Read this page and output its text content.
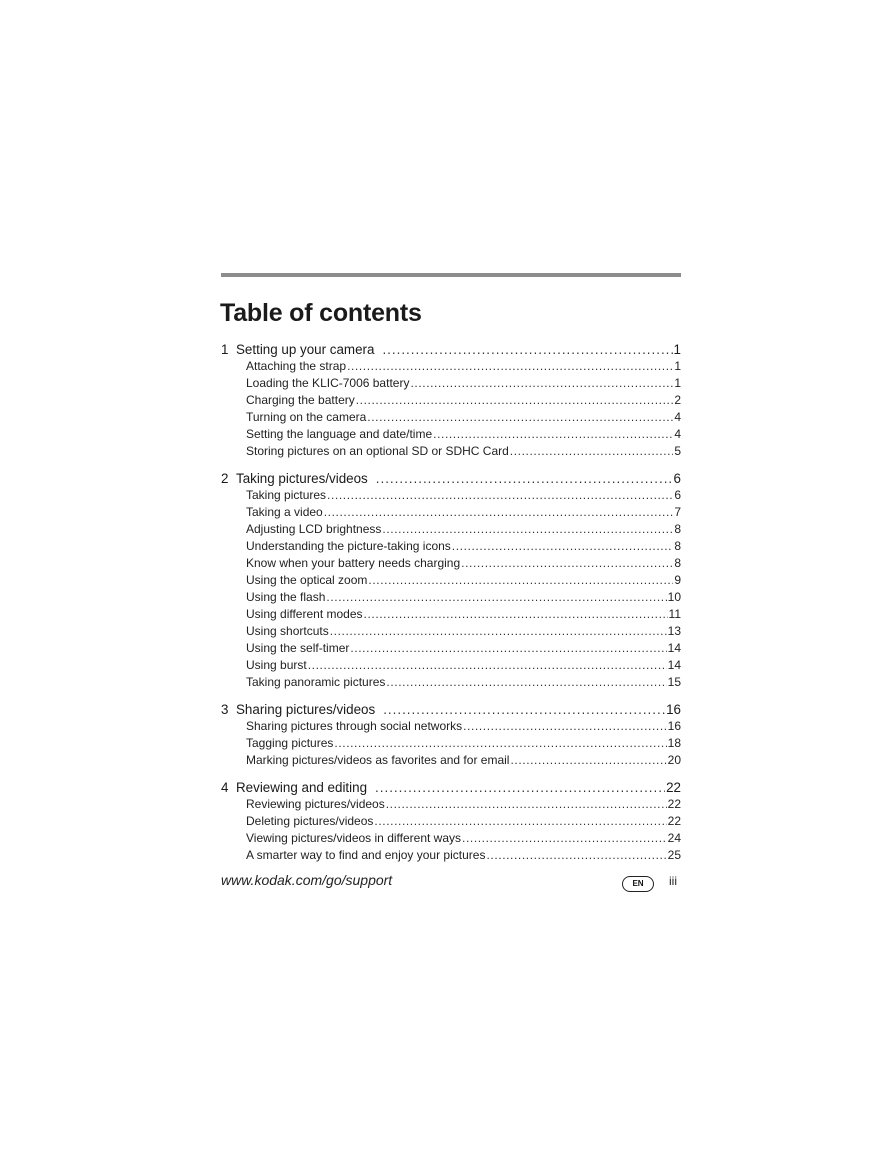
Table of contents
1 Setting up your camera .....	1
Attaching the strap .....	1
Loading the KLIC-7006 battery .....	1
Charging the battery .....	2
Turning on the camera .....	4
Setting the language and date/time .....	4
Storing pictures on an optional SD or SDHC Card .....	5
2 Taking pictures/videos .....	6
Taking pictures .....	6
Taking a video .....	7
Adjusting LCD brightness .....	8
Understanding the picture-taking icons .....	8
Know when your battery needs charging .....	8
Using the optical zoom .....	9
Using the flash .....	10
Using different modes .....	11
Using shortcuts .....	13
Using the self-timer .....	14
Using burst .....	14
Taking panoramic pictures .....	15
3 Sharing pictures/videos .....	16
Sharing pictures through social networks .....	16
Tagging pictures .....	18
Marking pictures/videos as favorites and for email .....	20
4 Reviewing and editing .....	22
Reviewing pictures/videos .....	22
Deleting pictures/videos .....	22
Viewing pictures/videos in different ways .....	24
A smarter way to find and enjoy your pictures .....	25
www.kodak.com/go/support	EN	iii
